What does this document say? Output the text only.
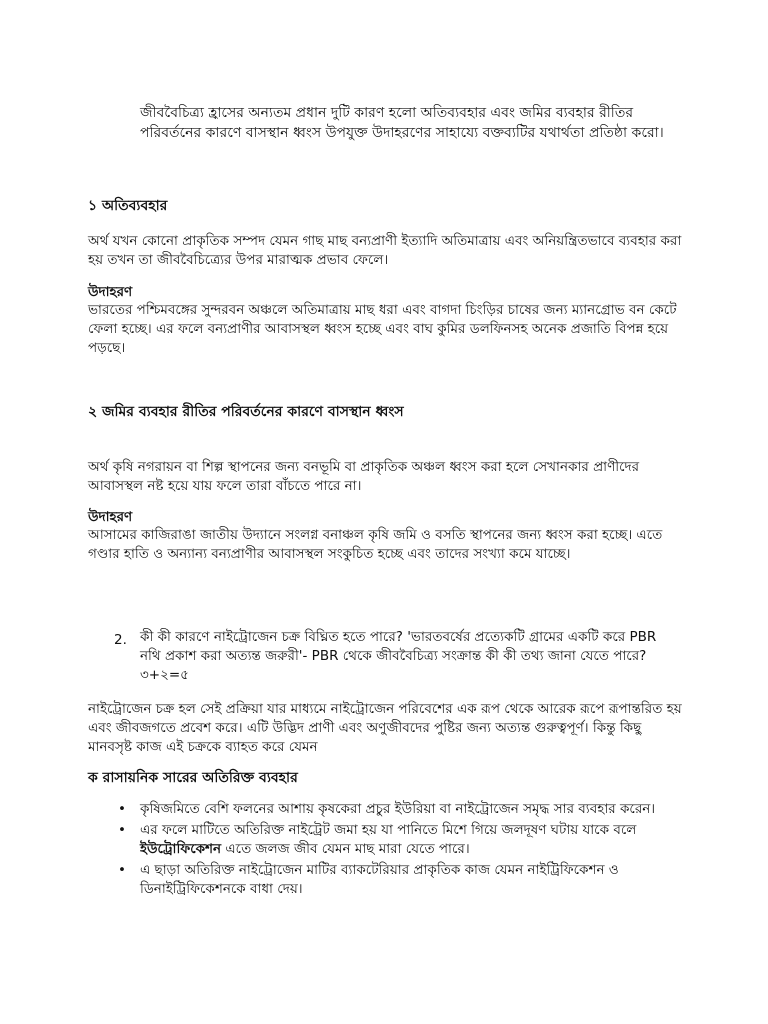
জীববৈচিত্র্য হ্রাসের অন্যতম প্রধান দুটি কারণ হলো অতিব্যবহার এবং জমির ব্যবহার রীতির পরিবর্তনের কারণে বাসস্থান ধ্বংস উপযুক্ত উদাহরণের সাহায্যে বক্তব্যটির যথার্থতা প্রতিষ্ঠা করো।

১ অতিব্যবহার

অর্থ যখন কোনো প্রাকৃতিক সম্পদ যেমন গাছ মাছ বন্যপ্রাণী ইত্যাদি অতিমাত্রায় এবং অনিয়ন্ত্রিতভাবে ব্যবহার করা হয় তখন তা জীববৈচিত্র্যের উপর মারাত্মক প্রভাব ফেলে।

উদাহরণ

ভারতের পশ্চিমবঙ্গের সুন্দরবন অঞ্চলে অতিমাত্রায় মাছ ধরা এবং বাগদা চিংড়ির চাষের জন্য ম্যানগ্রোভ বন কেটে ফেলা হচ্ছে। এর ফলে বন্যপ্রাণীর আবাসস্থল ধ্বংস হচ্ছে এবং বাঘ কুমির ডলফিনসহ অনেক প্রজাতি বিপন্ন হয়ে পড়ছে।

২ জমির ব্যবহার রীতির পরিবর্তনের কারণে বাসস্থান ধ্বংস

অর্থ কৃষি নগরায়ন বা শিল্প স্থাপনের জন্য বনভূমি বা প্রাকৃতিক অঞ্চল ধ্বংস করা হলে সেখানকার প্রাণীদের আবাসস্থল নষ্ট হয়ে যায় ফলে তারা বাঁচতে পারে না।

উদাহরণ

আসামের কাজিরাঙা জাতীয় উদ্যানে সংলগ্ন বনাঞ্চল কৃষি জমি ও বসতি স্থাপনের জন্য ধ্বংস করা হচ্ছে। এতে গণ্ডার হাতি ও অন্যান্য বন্যপ্রাণীর আবাসস্থল সংকুচিত হচ্ছে এবং তাদের সংখ্যা কমে যাচ্ছে।

2. কী কী কারণে নাইট্রোজেন চক্র বিঘ্নিত হতে পারে? 'ভারতবর্ষের প্রত্যেকটি গ্রামের একটি করে PBR নথি প্রকাশ করা অত্যন্ত জরুরী'- PBR থেকে জীববৈচিত্র্য সংক্রান্ত কী কী তথ্য জানা যেতে পারে? ৩+২=৫

নাইট্রোজেন চক্র হল সেই প্রক্রিয়া যার মাধ্যমে নাইট্রোজেন পরিবেশের এক রূপ থেকে আরেক রূপে রূপান্তরিত হয় এবং জীবজগতে প্রবেশ করে। এটি উদ্ভিদ প্রাণী এবং অণুজীবদের পুষ্টির জন্য অত্যন্ত গুরুত্বপূর্ণ। কিন্তু কিছু মানবসৃষ্ট কাজ এই চক্রকে ব্যাহত করে যেমন

ক রাসায়নিক সারের অতিরিক্ত ব্যবহার

• কৃষিজমিতে বেশি ফলনের আশায় কৃষকেরা প্রচুর ইউরিয়া বা নাইট্রোজেন সমৃদ্ধ সার ব্যবহার করেন।
• এর ফলে মাটিতে অতিরিক্ত নাইট্রেট জমা হয় যা পানিতে মিশে গিয়ে জলদূষণ ঘটায় যাকে বলে ইউট্রোফিকেশন এতে জলজ জীব যেমন মাছ মারা যেতে পারে।
• এ ছাড়া অতিরিক্ত নাইট্রোজেন মাটির ব্যাকটেরিয়ার প্রাকৃতিক কাজ যেমন নাইট্রিফিকেশন ও ডিনাইট্রিফিকেশনকে বাধা দেয়।
